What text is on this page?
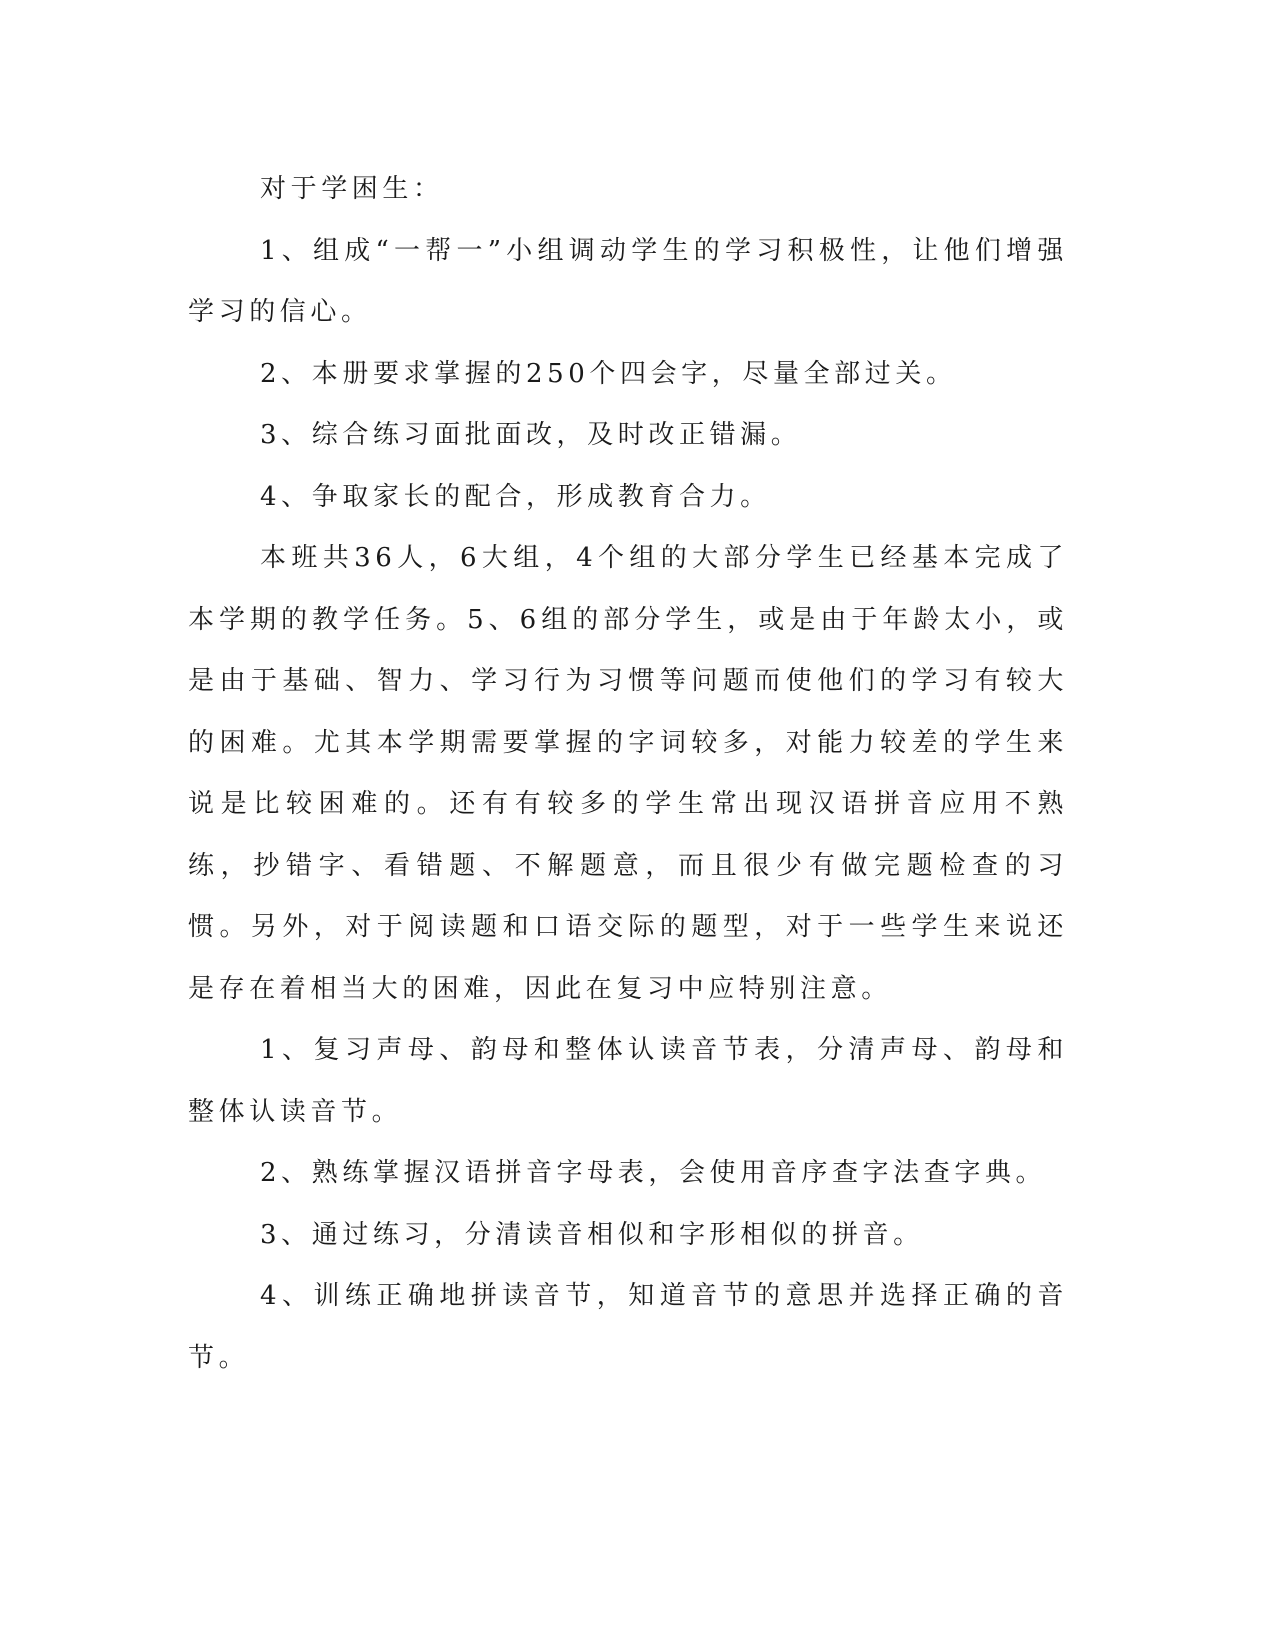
对于学困生：

1、组成“一帮一”小组调动学生的学习积极性，让他们增强学习的信心。

2、本册要求掌握的250个四会字，尽量全部过关。

3、综合练习面批面改，及时改正错漏。

4、争取家长的配合，形成教育合力。

本班共36人，6大组，4个组的大部分学生已经基本完成了本学期的教学任务。5、6组的部分学生，或是由于年龄太小，或是由于基础、智力、学习行为习惯等问题而使他们的学习有较大的困难。尤其本学期需要掌握的字词较多，对能力较差的学生来说是比较困难的。还有有较多的学生常出现汉语拼音应用不熟练，抄错字、看错题、不解题意，而且很少有做完题检查的习惯。另外，对于阅读题和口语交际的题型，对于一些学生来说还是存在着相当大的困难，因此在复习中应特别注意。

1、复习声母、韵母和整体认读音节表，分清声母、韵母和整体认读音节。

2、熟练掌握汉语拼音字母表，会使用音序查字法查字典。

3、通过练习，分清读音相似和字形相似的拼音。

4、训练正确地拼读音节，知道音节的意思并选择正确的音节。
